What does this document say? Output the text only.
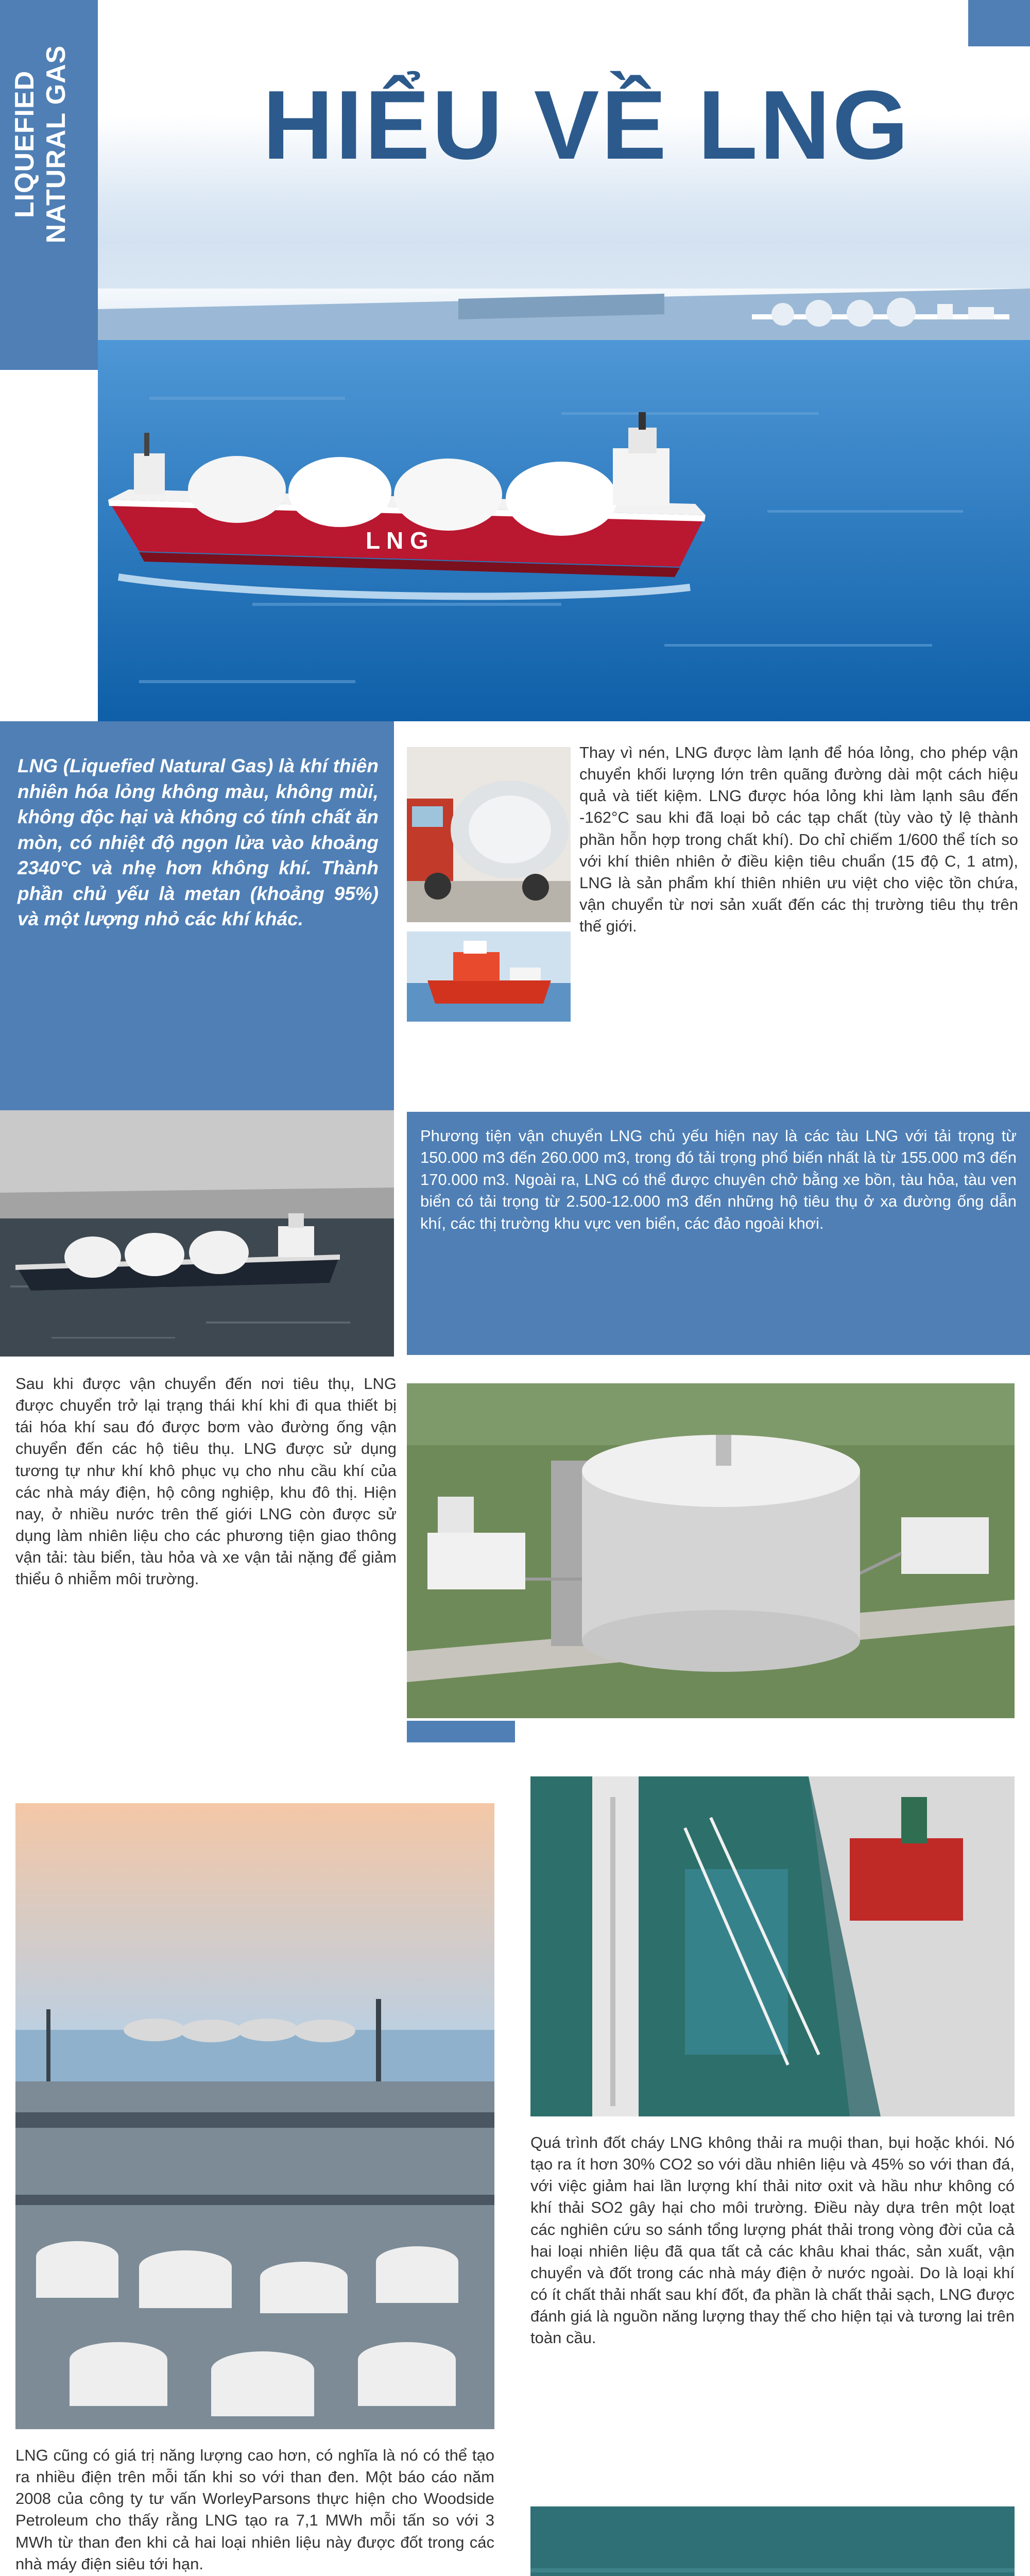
LIQUEFIED NATURAL GAS HIỂU VỀ LNG
L N G
LNG (Liquefied Natural Gas) là khí thiên nhiên hóa lỏng không màu, không mùi, không độc hại và không có tính chất ăn mòn, có nhiệt độ ngọn lửa vào khoảng 2340°C và nhẹ hơn không khí. Thành phần chủ yếu là metan (khoảng 95%) và một lượng nhỏ các khí khác.
Thay vì nén, LNG được làm lạnh để hóa lỏng, cho phép vận chuyển khối lượng lớn trên quãng đường dài một cách hiệu quả và tiết kiệm. LNG được hóa lỏng khi làm lạnh sâu đến -162°C sau khi đã loại bỏ các tạp chất (tùy vào tỷ lệ thành phần hỗn hợp trong chất khí). Do chỉ chiếm 1/600 thể tích so với khí thiên nhiên ở điều kiện tiêu chuẩn (15 độ C, 1 atm), LNG là sản phẩm khí thiên nhiên ưu việt cho việc tồn chứa, vận chuyển từ nơi sản xuất đến các thị trường tiêu thụ trên thế giới.
Phương tiện vận chuyển LNG chủ yếu hiện nay là các tàu LNG với tải trọng từ 150.000 m3 đến 260.000 m3, trong đó tải trọng phổ biến nhất là từ 155.000 m3 đến 170.000 m3. Ngoài ra, LNG có thể được chuyên chở bằng xe bồn, tàu hỏa, tàu ven biển có tải trọng từ 2.500-12.000 m3 đến những hộ tiêu thụ ở xa đường ống dẫn khí, các thị trường khu vực ven biển, các đảo ngoài khơi.
Sau khi được vận chuyển đến nơi tiêu thụ, LNG được chuyển trở lại trạng thái khí khi đi qua thiết bị tái hóa khí sau đó được bơm vào đường ống vận chuyển đến các hộ tiêu thụ. LNG được sử dụng tương tự như khí khô phục vụ cho nhu cầu khí của các nhà máy điện, hộ công nghiệp, khu đô thị. Hiện nay, ở nhiều nước trên thế giới LNG còn được sử dụng làm nhiên liệu cho các phương tiện giao thông vận tải: tàu biển, tàu hỏa và xe vận tải nặng để giảm thiểu ô nhiễm môi trường.
Quá trình đốt cháy LNG không thải ra muội than, bụi hoặc khói. Nó tạo ra ít hơn 30% CO2 so với dầu nhiên liệu và 45% so với than đá, với việc giảm hai lần lượng khí thải nitơ oxit và hầu như không có khí thải SO2 gây hại cho môi trường. Điều này dựa trên một loạt các nghiên cứu so sánh tổng lượng phát thải trong vòng đời của cả hai loại nhiên liệu đã qua tất cả các khâu khai thác, sản xuất, vận chuyển và đốt trong các nhà máy điện ở nước ngoài. Do là loại khí có ít chất thải nhất sau khí đốt, đa phần là chất thải sạch, LNG được đánh giá là nguồn năng lượng thay thế cho hiện tại và tương lai trên toàn cầu.
LNG cũng có giá trị năng lượng cao hơn, có nghĩa là nó có thể tạo ra nhiều điện trên mỗi tấn khi so với than đen. Một báo cáo năm 2008 của công ty tư vấn WorleyParsons thực hiện cho Woodside Petroleum cho thấy rằng LNG tạo ra 7,1 MWh mỗi tấn so với 3 MWh từ than đen khi cả hai loại nhiên liệu này được đốt trong các nhà máy điện siêu tới hạn.
